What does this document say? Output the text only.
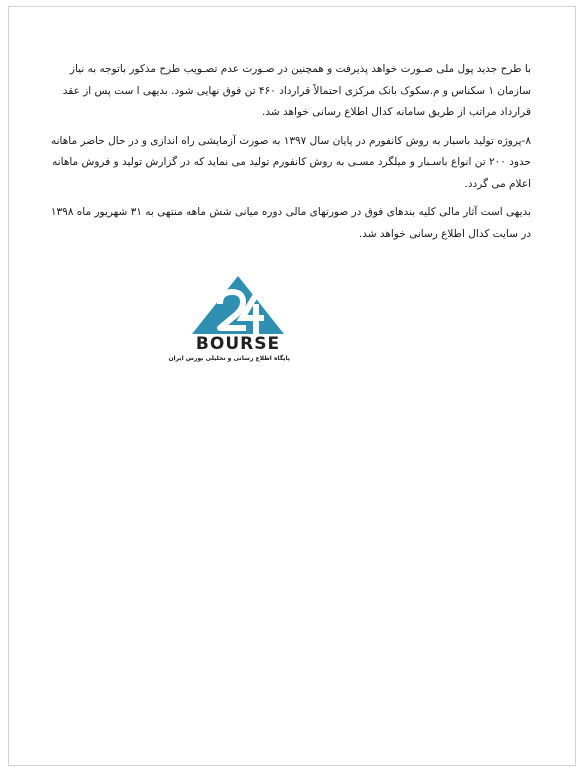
با طرح جدید پول ملی صـورت خواهد پذیرفت و همچنین در صـورت عدم تصـویب طرح مذکور باتوجه به نیاز
سازمان ۱ سکناس و م.سکوک بانک مرکزی احتمالاً قرارداد ۴۶۰ تن فوق نهایی شود. بدیهی ا ست پس از عقد
قرارداد مراتب از طریق سامانه کدال اطلاع رسانی خواهد شد.

۸-پروژه تولید باسبار به روش کانفورم در پایان سال ۱۳۹۷ به صورت آزمایشی راه اندازی و در حال حاضر ماهانه
حدود ۲۰۰ تن انواع باسـبار و میلگرد مسـی به روش کانفورم تولید می نماید که در گزارش تولید و فروش ماهانه
اعلام می گردد.

بدیهی است آثار مالی کلیه بندهای فوق در صورتهای مالی دوره میانی شش ماهه منتهی به ۳۱ شهریور ماه ۱۳۹۸
در سایت کدال اطلاع رسانی خواهد شد.

BOURSE
پایگاه اطلاع رسانی و تحلیلی بورس ایران
